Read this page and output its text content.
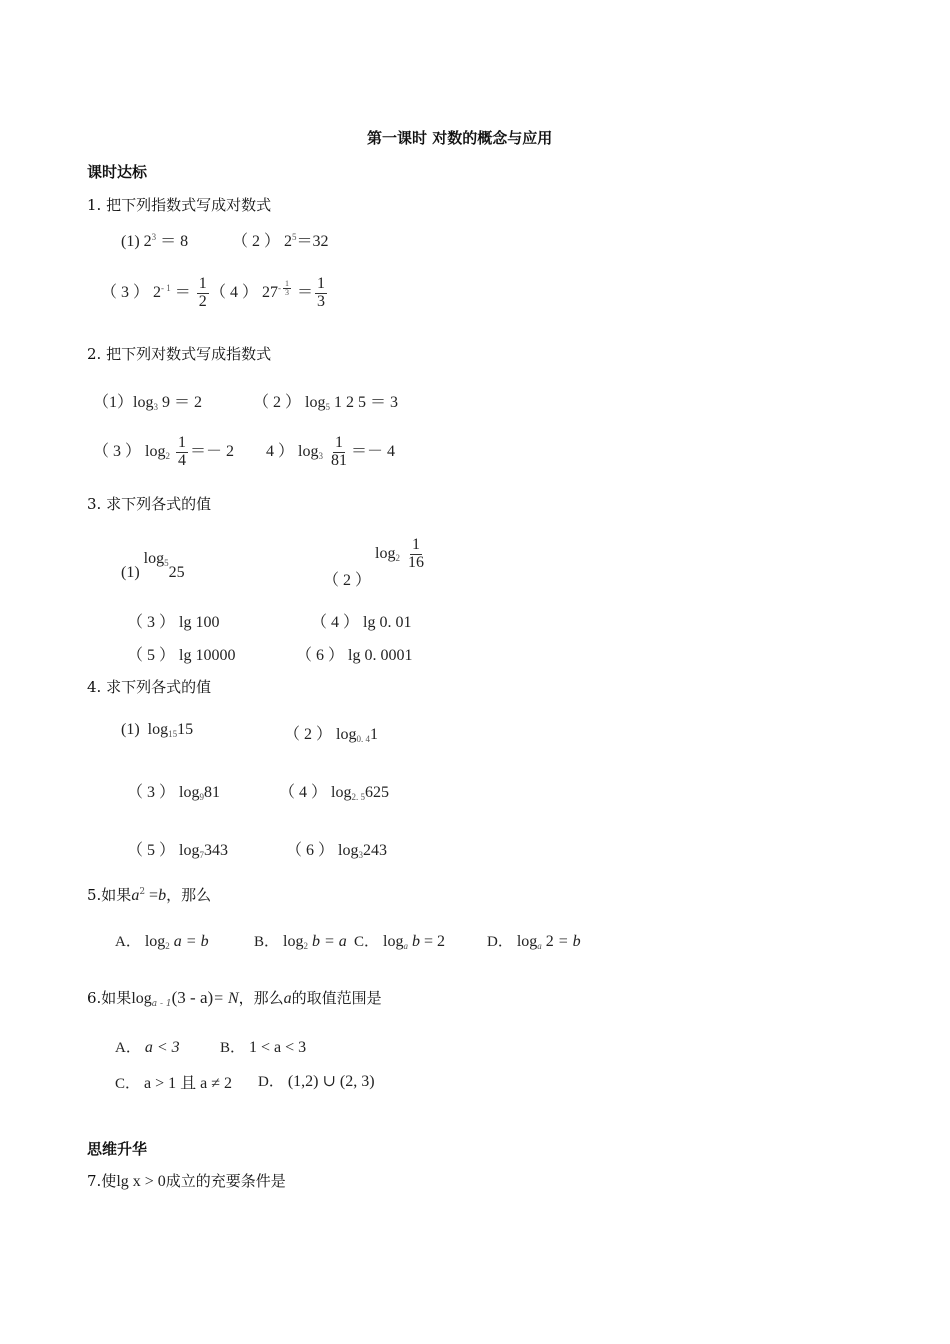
第一课时 对数的概念与应用
课时达标
1. 把下列指数式写成对数式
(1) $2^3 = 8$	（ 2 ） $2^5=32$
（ 3 ） $2^{- 1} = \frac{1}{2}$ （ 4 ） $27^{- \frac{1}{3}} = \frac{1}{3}$
2. 把下列对数式写成指数式
$(1)\log_3$ 9 ＝ 2	（ 2 ） $\log_5 1$ 2 5 ＝ 3
（ 3 ） $\log_2 \frac{1}{4} =- 2$ 4 ） $\log_3 \frac{1}{81} =- 4$
3. 求下列各式的值
(1) $\log_525$	（ 2 ） $\log_2 \frac{1}{16}$
（ 3 ） lg 100	（ 4 ） lg 0. 01
（ 5 ） lg 10000	（ 6 ） lg 0. 0001
4. 求下列各式的值
(1) $\log_{15}15$	（ 2 ） $\log_{0. 4}1$
（ 3 ） $\log_981$	（ 4 ） $\log_{2. 5}625$
（ 5 ） $\log_7343$	（ 6 ） $\log_3243$
5.如果$a^2 =b$，那么
A． $\log_2 a = b$	B． $\log_2 b = a$ C． $\log_a b = 2$	D． $\log_a 2 = b$
6.如果$\log_{a - 1}(3 - a)= N$，那么a的取值范围是
A． a < 3	B． 1 < a < 3
C． a > 1 且 a ≠ 2 D． (1,2) ∪ (2, 3)
思维升华
7.使lg x > 0成立的充要条件是
